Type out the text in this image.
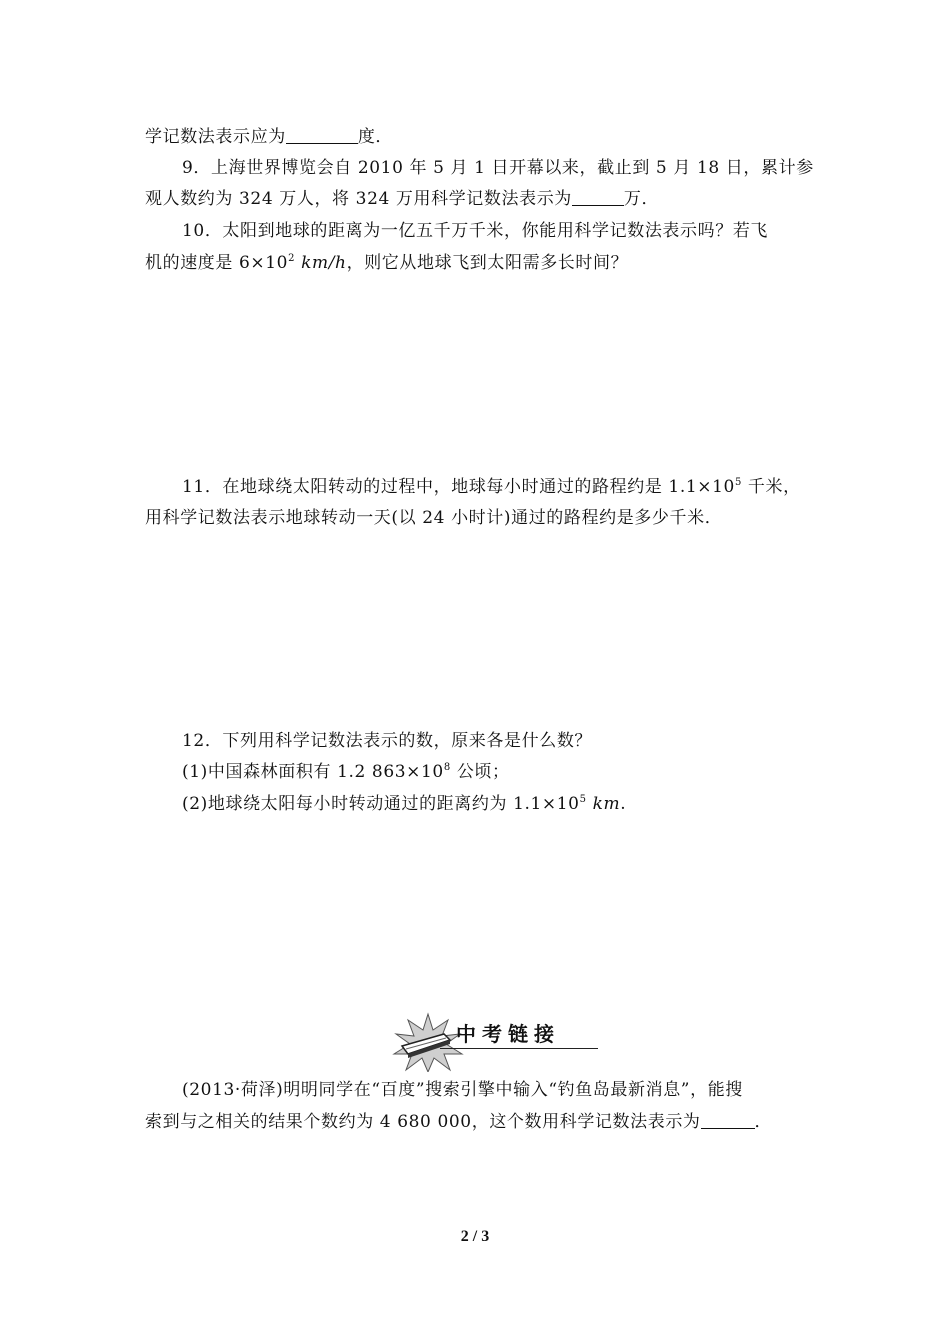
学记数法表示应为	度．
9．上海世界博览会自 2010 年 5 月 1 日开幕以来，截止到 5 月 18 日，累计参
观人数约为 324 万人，将 324 万用科学记数法表示为	万．
10．太阳到地球的距离为一亿五千万千米，你能用科学记数法表示吗？若飞
机的速度是 $6\times 10^2$ km/h，则它从地球飞到太阳需多长时间？
11．在地球绕太阳转动的过程中，地球每小时通过的路程约是 $1.1\times 10^5$ 千米，
用科学记数法表示地球转动一天(以 24 小时计)通过的路程约是多少千米．
12．下列用科学记数法表示的数，原来各是什么数？
(1)中国森林面积有 1.2 $863\times 10^8$ 公顷；
(2)地球绕太阳每小时转动通过的距离约为 $1.1\times 10^5$ km.
中考链接
(2013·荷泽)明明同学在“百度”搜索引擎中输入“钓鱼岛最新消息”，能搜
索到与之相关的结果个数约为 4 680 000，这个数用科学记数法表示为	．
2 / 3
